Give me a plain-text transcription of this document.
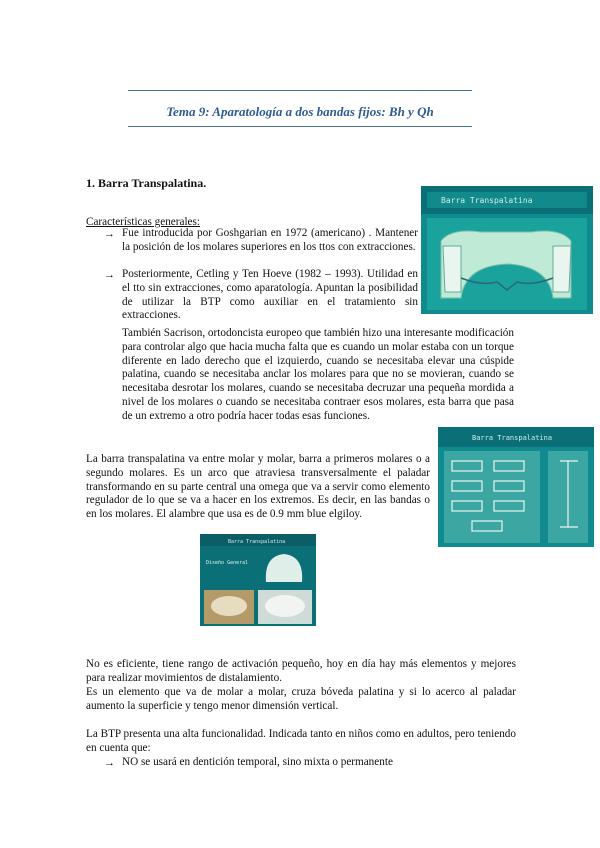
Tema 9: Aparatología a dos bandas fijos: Bh y Qh
1. Barra Transpalatina.
Características generales:
Barra Transpalatina
→ Fue introducida por Goshgarian en 1972 (americano) . Mantener la posición de los molares superiores en los ttos con extracciones.
→ Posteriormente, Cetling y Ten Hoeve (1982 – 1993). Utilidad en el tto sin extracciones, como aparatología. Apuntan la posibilidad de utilizar la BTP como auxiliar en el tratamiento sin extracciones.
También Sacrison, ortodoncista europeo que también hizo una interesante modificación para controlar algo que hacia mucha falta que es cuando un molar estaba con un torque diferente en lado derecho que el izquierdo, cuando se necesitaba elevar una cúspide palatina, cuando se necesitaba anclar los molares para que no se movieran, cuando se necesitaba desrotar los molares, cuando se necesitaba decruzar una pequeña mordida a nivel de los molares o cuando se necesitaba contraer esos molares, esta barra que pasa de un extremo a otro podría hacer todas esas funciones.
Barra Transpalatina
La barra transpalatina va entre molar y molar, barra a primeros molares o a segundo molares. Es un arco que atraviesa transversalmente el paladar transformando en su parte central una omega que va a servir como elemento regulador de lo que se va a hacer en los extremos. Es decir, en las bandas o en los molares. El alambre que usa es de 0.9 mm blue elgiloy.
Barra Transpalatina
Diseño General
No es eficiente, tiene rango de activación pequeño, hoy en día hay más elementos y mejores para realizar movimientos de distalamiento.
Es un elemento que va de molar a molar, cruza bóveda palatina y si lo acerco al paladar aumento la superficie y tengo menor dimensión vertical.
La BTP presenta una alta funcionalidad. Indicada tanto en niños como en adultos, pero teniendo en cuenta que:
→ NO se usará en dentición temporal, sino mixta o permanente
